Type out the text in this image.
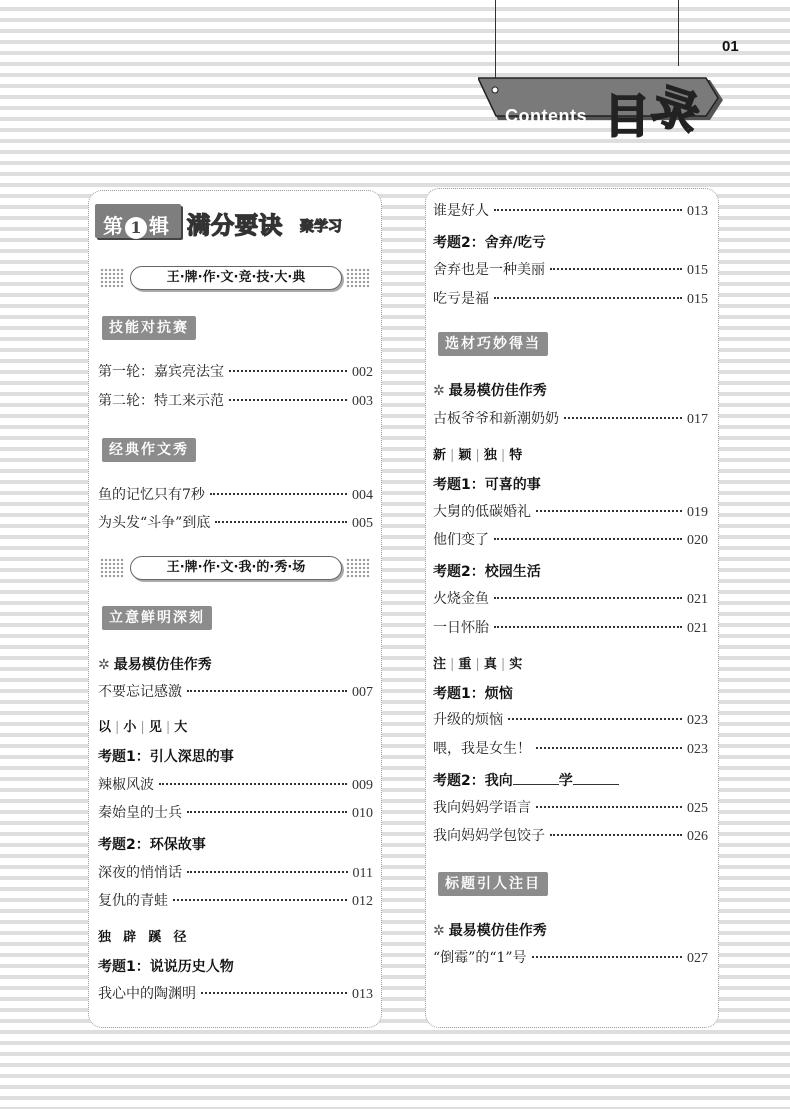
01
Contents 目
录
第 1 辑 满分要诀 聚学习
王·牌·作·文·竞·技·大·典
技能对抗赛
第一轮：嘉宾亮法宝	002
第二轮：特工来示范	003
经典作文秀
鱼的记忆只有7秒	004
为头发“斗争”到底	005
王·牌·作·文·我·的·秀·场
立意鲜明深刻
✲ 最易模仿佳作秀
不要忘记感激	007
以 | 小 | 见 | 大
考题1：引人深思的事
辣椒风波	009
秦始皇的士兵	010
考题2：环保故事
深夜的悄悄话	011
复仇的青蛙	012
独 辟 蹊 径
考题1：说说历史人物
我心中的陶渊明	013
谁是好人	013
考题2：舍弃/吃亏
舍弃也是一种美丽	015
吃亏是福	015
选材巧妙得当
✲ 最易模仿佳作秀
古板爷爷和新潮奶奶	017
新 | 颖 | 独 | 特
考题1：可喜的事
大舅的低碳婚礼	019
他们变了	020
考题2：校园生活
火烧金鱼	021
一日怀胎	021
注 | 重 | 真 | 实
考题1：烦恼
升级的烦恼	023
喂，我是女生！	023
考题2：我向	学
我向妈妈学语言	025
我向妈妈学包饺子	026
标题引人注目
✲ 最易模仿佳作秀
“倒霉”的“1”号	027
